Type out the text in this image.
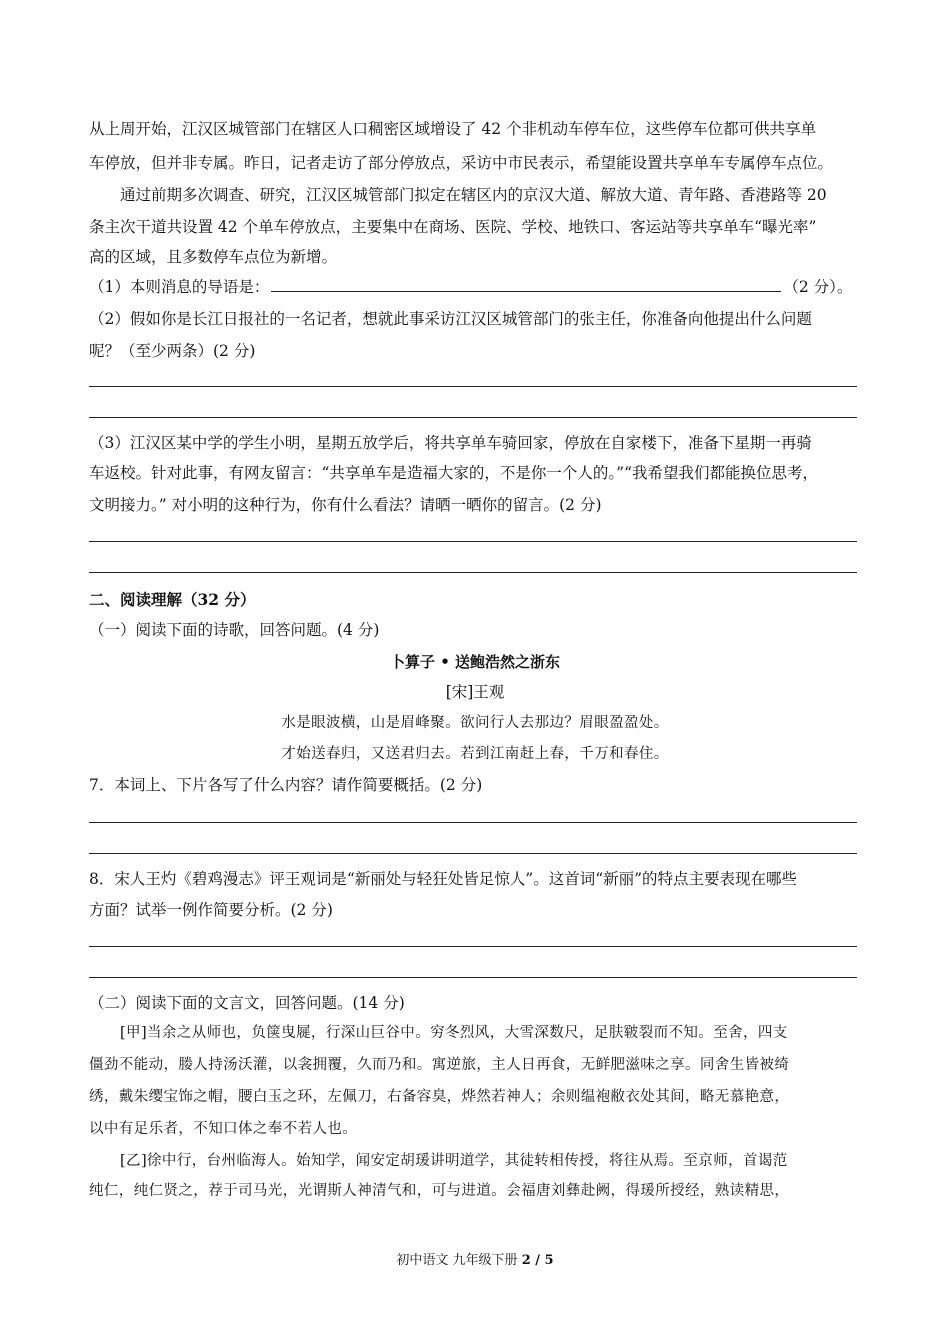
从上周开始，江汉区城管部门在辖区人口稠密区域增设了 42 个非机动车停车位，这些停车位都可供共享单
车停放，但并非专属。昨日，记者走访了部分停放点，采访中市民表示，希望能设置共享单车专属停车点位。
通过前期多次调查、研究，江汉区城管部门拟定在辖区内的京汉大道、解放大道、青年路、香港路等 20
条主次干道共设置 42 个单车停放点，主要集中在商场、医院、学校、地铁口、客运站等共享单车“曝光率”
高的区域，且多数停车点位为新增。
（1）本则消息的导语是：	（2 分）。
（2）假如你是长江日报社的一名记者，想就此事采访江汉区城管部门的张主任，你准备向他提出什么问题
呢？（至少两条）(2 分)
（3）江汉区某中学的学生小明，星期五放学后，将共享单车骑回家，停放在自家楼下，准备下星期一再骑
车返校。针对此事，有网友留言：“共享单车是造福大家的，不是你一个人的。”“我希望我们都能换位思考，
文明接力。” 对小明的这种行为，你有什么看法？请晒一晒你的留言。(2 分)
二、阅读理解（32 分）
（一）阅读下面的诗歌，回答问题。(4 分)
卜算子 • 送鲍浩然之浙东
[宋]王观
水是眼波横，山是眉峰聚。欲问行人去那边？眉眼盈盈处。
才始送春归，又送君归去。若到江南赶上春，千万和春住。
7．本词上、下片各写了什么内容？请作简要概括。(2 分)
8．宋人王灼《碧鸡漫志》评王观词是“新丽处与轻狂处皆足惊人”。这首词“新丽”的特点主要表现在哪些
方面？试举一例作简要分析。(2 分)
（二）阅读下面的文言文，回答问题。(14 分)
[甲]当余之从师也，负箧曳屣，行深山巨谷中。穷冬烈风，大雪深数尺，足肤皲裂而不知。至舍，四支
僵劲不能动，媵人持汤沃灌，以衾拥覆，久而乃和。寓逆旅，主人日再食，无鲜肥滋味之享。同舍生皆被绮
绣，戴朱缨宝饰之帽，腰白玉之环，左佩刀，右备容臭，烨然若神人；余则缊袍敝衣处其间，略无慕艳意，
以中有足乐者，不知口体之奉不若人也。
[乙]徐中行，台州临海人。始知学，闻安定胡瑗讲明道学，其徒转相传授，将往从焉。至京师，首谒范
纯仁，纯仁贤之，荐于司马光，光谓斯人神清气和，可与进道。会福唐刘彝赴阙，得瑗所授经，熟读精思，
初中语文 九年级下册 2 / 5
